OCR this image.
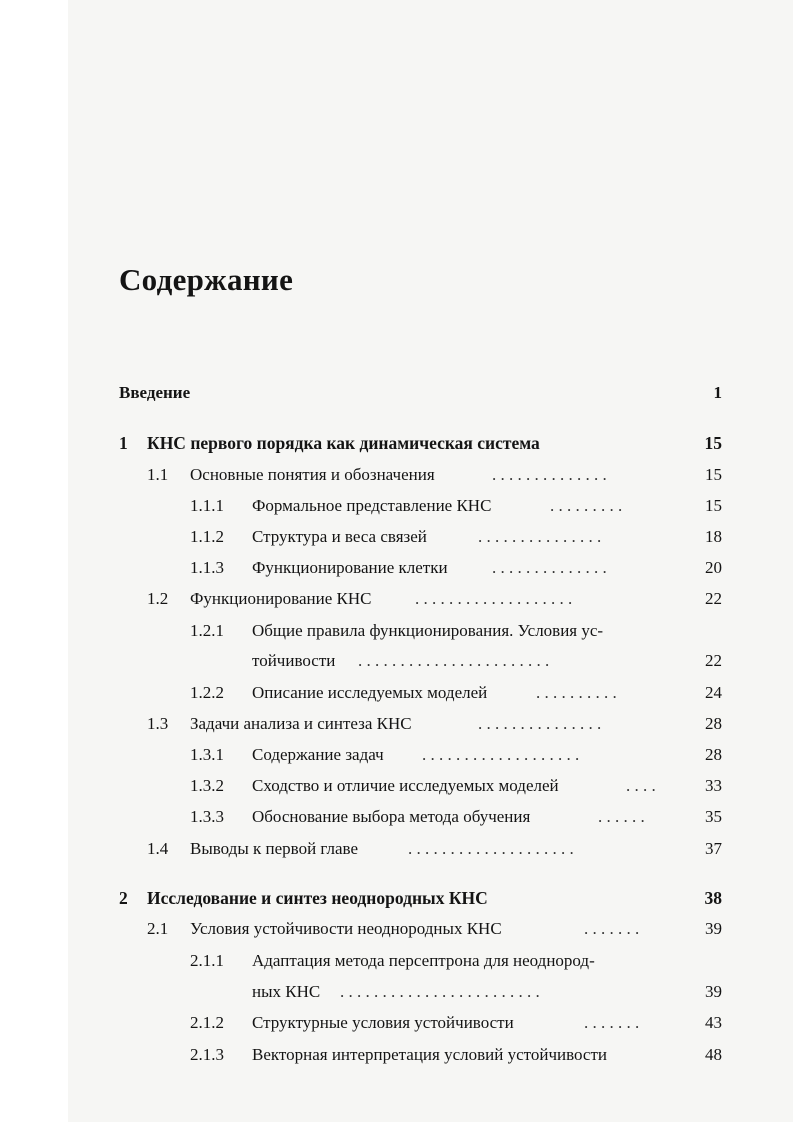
Содержание
Введение	1
1 КНС первого порядка как динамическая система	15
1.1 Основные понятия и обозначения	. . . . . . . . . . . . . .	15
1.1.1 Формальное представление КНС	. . . . . . . . .	15
1.1.2 Структура и веса связей	. . . . . . . . . . . . . . .	18
1.1.3 Функционирование клетки	. . . . . . . . . . . . . .	20
1.2 Функционирование КНС	. . . . . . . . . . . . . . . . . . .	22
1.2.1 Общие правила функционирования. Условия ус-
тойчивости . . . . . . . . . . . . . . . . . . . . . . .	22
1.2.2 Описание исследуемых моделей	. . . . . . . . . .	24
1.3 Задачи анализа и синтеза КНС	. . . . . . . . . . . . . . .	28
1.3.1 Содержание задач . . . . . . . . . . . . . . . . . . .	28
1.3.2 Сходство и отличие исследуемых моделей	. . . .	33
1.3.3 Обоснование выбора метода обучения	. . . . . .	35
1.4 Выводы к первой главе	. . . . . . . . . . . . . . . . . . . .	37
2 Исследование и синтез неоднородных КНС	38
2.1 Условия устойчивости неоднородных КНС	. . . . . . .	39
2.1.1 Адаптация метода персептрона для неоднород-
ных КНС . . . . . . . . . . . . . . . . . . . . . . . .	39
2.1.2 Структурные условия устойчивости	. . . . . . .	43
2.1.3 Векторная интерпретация условий устойчивости	48
